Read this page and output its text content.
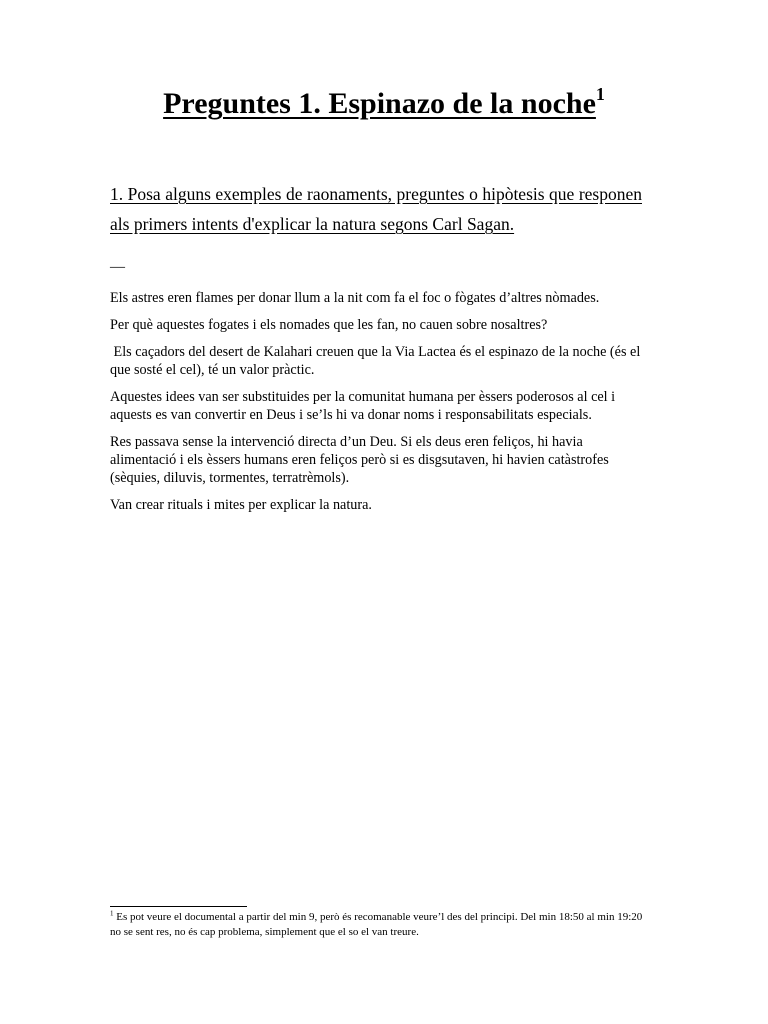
Preguntes 1. Espinazo de la noche$^1$
1. Posa alguns exemples de raonaments, preguntes o hipòtesis que responen als primers intents d'explicar la natura segons Carl Sagan.
—

Els astres eren flames per donar llum a la nit com fa el foc o fògates d’altres nòmades.

Per què aquestes fogates i els nomades que les fan, no cauen sobre nosaltres?

Els caçadors del desert de Kalahari creuen que la Via Lactea és el espinazo de la noche (és el que sosté el cel), té un valor pràctic.

Aquestes idees van ser substituides per la comunitat humana per èssers poderosos al cel i aquests es van convertir en Deus i se’ls hi va donar noms i responsabilitats especials.

Res passava sense la intervenció directa d’un Deu. Si els deus eren feliços, hi havia alimentació i els èssers humans eren feliços però si es disgsutaven, hi havien catàstrofes (sèquies, diluvis, tormentes, terratrèmols).

Van crear rituals i mites per explicar la natura.

$^1$ Es pot veure el documental a partir del min 9, però és recomanable veure’l des del principi. Del min 18:50 al min 19:20 no se sent res, no és cap problema, simplement que el so el van treure.
